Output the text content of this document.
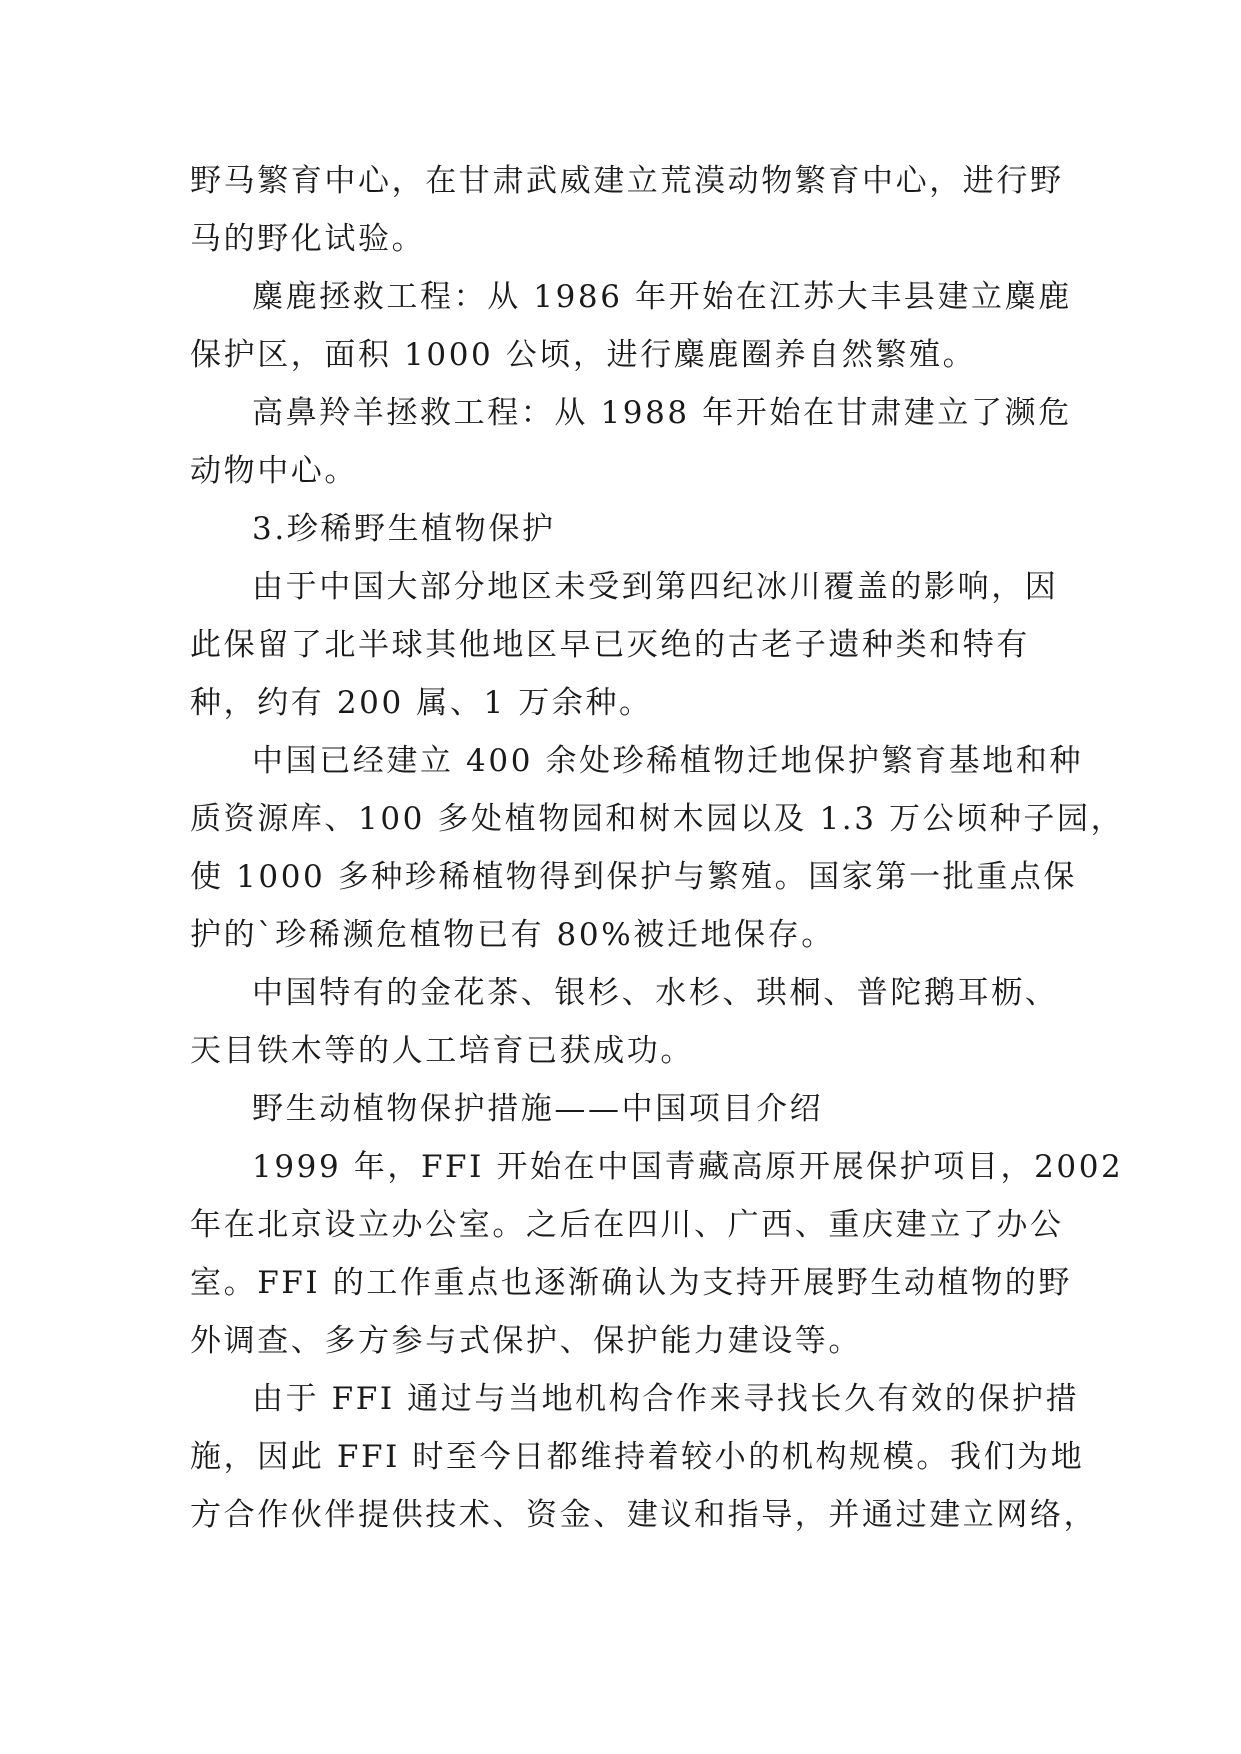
野马繁育中心，在甘肃武威建立荒漠动物繁育中心，进行野
马的野化试验。
麋鹿拯救工程：从 1986 年开始在江苏大丰县建立麋鹿
保护区，面积 1000 公顷，进行麋鹿圈养自然繁殖。
高鼻羚羊拯救工程：从 1988 年开始在甘肃建立了濒危
动物中心。
3.珍稀野生植物保护
由于中国大部分地区未受到第四纪冰川覆盖的影响，因
此保留了北半球其他地区早已灭绝的古老子遗种类和特有
种，约有 200 属、1 万余种。
中国已经建立 400 余处珍稀植物迁地保护繁育基地和种
质资源库、100 多处植物园和树木园以及 1.3 万公顷种子园，
使 1000 多种珍稀植物得到保护与繁殖。国家第一批重点保
护的`珍稀濒危植物已有 80%被迁地保存。
中国特有的金花茶、银杉、水杉、珙桐、普陀鹅耳枥、
天目铁木等的人工培育已获成功。
野生动植物保护措施——中国项目介绍
1999 年，FFI 开始在中国青藏高原开展保护项目，2002
年在北京设立办公室。之后在四川、广西、重庆建立了办公
室。FFI 的工作重点也逐渐确认为支持开展野生动植物的野
外调查、多方参与式保护、保护能力建设等。
由于 FFI 通过与当地机构合作来寻找长久有效的保护措
施，因此 FFI 时至今日都维持着较小的机构规模。我们为地
方合作伙伴提供技术、资金、建议和指导，并通过建立网络，
